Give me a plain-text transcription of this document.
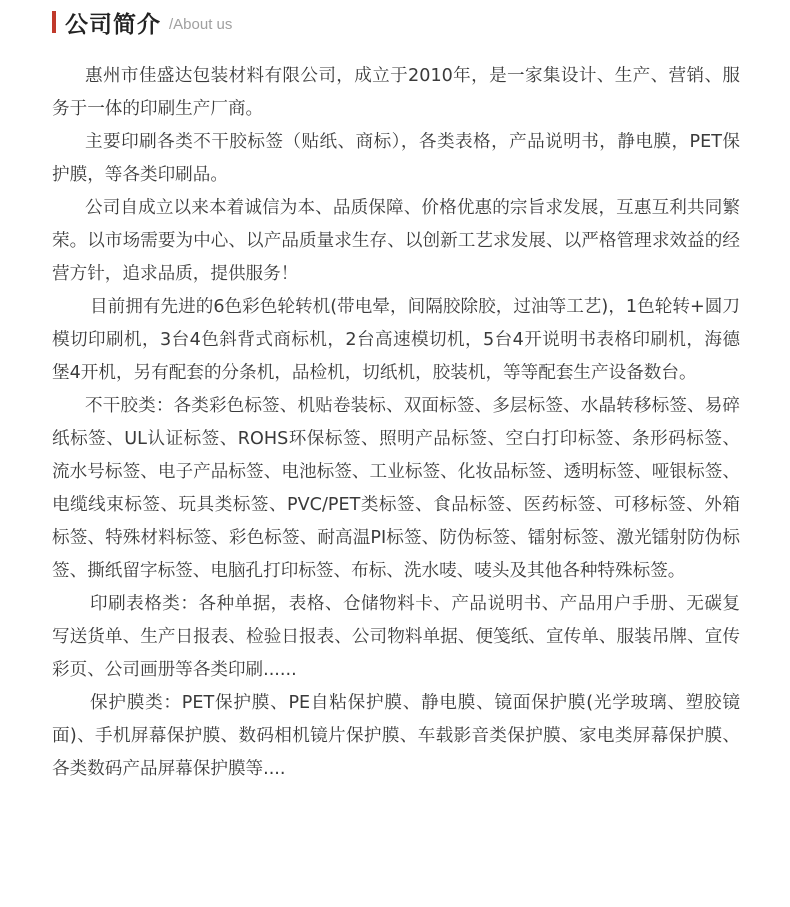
公司简介 /About us

惠州市佳盛达包装材料有限公司，成立于2010年，是一家集设计、生产、营销、服务于一体的印刷生产厂商。

主要印刷各类不干胶标签（贴纸、商标），各类表格，产品说明书，静电膜，PET保护膜，等各类印刷品。

公司自成立以来本着诚信为本、品质保障、价格优惠的宗旨求发展，互惠互利共同繁荣。以市场需要为中心、以产品质量求生存、以创新工艺求发展、以严格管理求效益的经营方针，追求品质，提供服务！

目前拥有先进的6色彩色轮转机(带电晕，间隔胶除胶，过油等工艺)，1色轮转+圆刀模切印刷机，3台4色斜背式商标机，2台高速模切机，5台4开说明书表格印刷机，海德堡4开机，另有配套的分条机，品检机，切纸机，胶装机，等等配套生产设备数台。

不干胶类：各类彩色标签、机贴卷装标、双面标签、多层标签、水晶转移标签、易碎纸标签、UL认证标签、ROHS环保标签、照明产品标签、空白打印标签、条形码标签、流水号标签、电子产品标签、电池标签、工业标签、化妆品标签、透明标签、哑银标签、电缆线束标签、玩具类标签、PVC/PET类标签、食品标签、医药标签、可移标签、外箱标签、特殊材料标签、彩色标签、耐高温PI标签、防伪标签、镭射标签、激光镭射防伪标签、撕纸留字标签、电脑孔打印标签、布标、洗水唛、唛头及其他各种特殊标签。

印刷表格类：各种单据，表格、仓储物料卡、产品说明书、产品用户手册、无碳复写送货单、生产日报表、检验日报表、公司物料单据、便笺纸、宣传单、服装吊牌、宣传彩页、公司画册等各类印刷......

保护膜类：PET保护膜、PE自粘保护膜、静电膜、镜面保护膜(光学玻璃、塑胶镜面)、手机屏幕保护膜、数码相机镜片保护膜、车载影音类保护膜、家电类屏幕保护膜、各类数码产品屏幕保护膜等....
